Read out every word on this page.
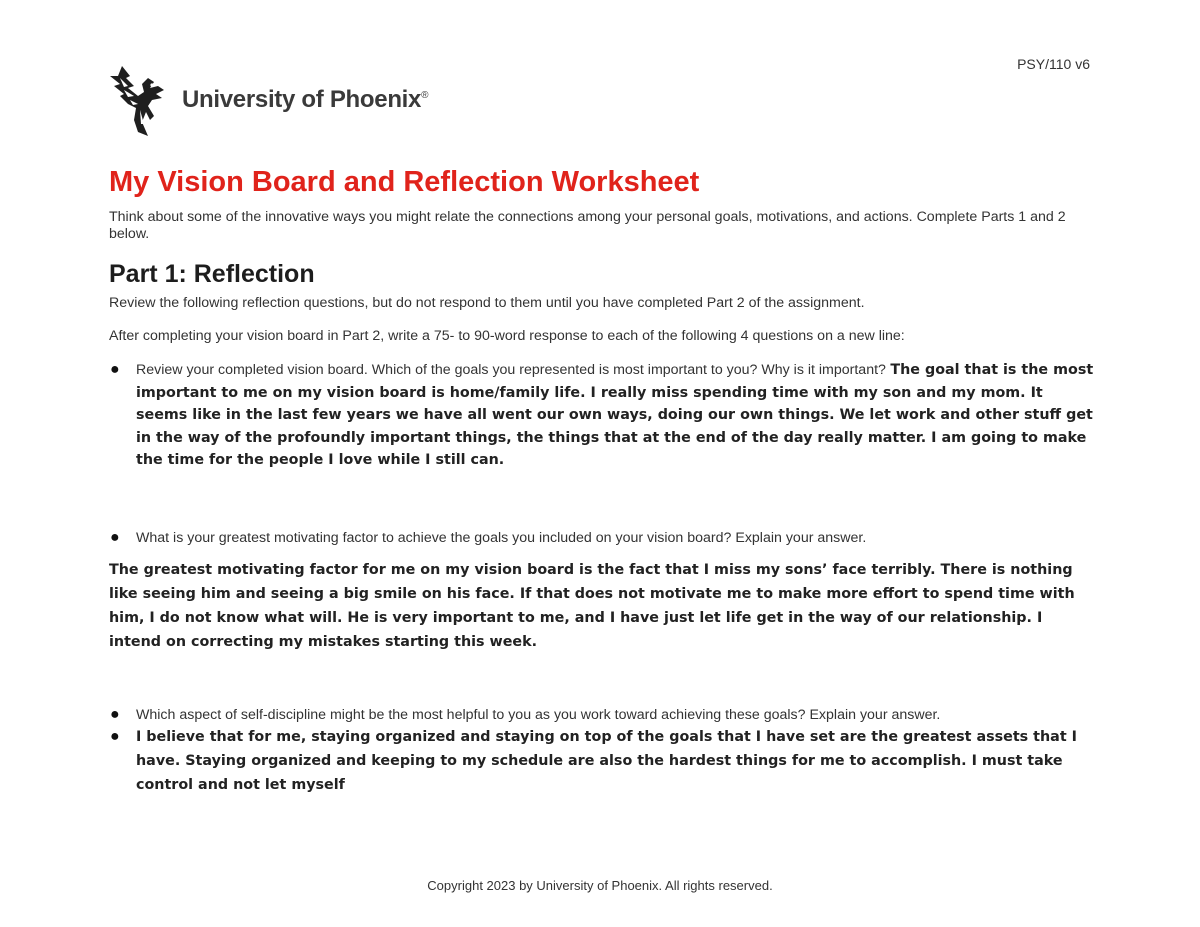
PSY/110 v6
University of Phoenix®
My Vision Board and Reflection Worksheet

Think about some of the innovative ways you might relate the connections among your personal goals, motivations, and actions. Complete Parts 1 and 2 below.

Part 1: Reflection

Review the following reflection questions, but do not respond to them until you have completed Part 2 of the assignment.

After completing your vision board in Part 2, write a 75- to 90-word response to each of the following 4 questions on a new line:

● Review your completed vision board. Which of the goals you represented is most important to you? Why is it important? The goal that is the most important to me on my vision board is home/family life. I really miss spending time with my son and my mom. It seems like in the last few years we have all went our own ways, doing our own things. We let work and other stuff get in the way of the profoundly important things, the things that at the end of the day really matter. I am going to make the time for the people I love while I still can.
● What is your greatest motivating factor to achieve the goals you included on your vision board? Explain your answer.

The greatest motivating factor for me on my vision board is the fact that I miss my sons’ face terribly. There is nothing like seeing him and seeing a big smile on his face. If that does not motivate me to make more effort to spend time with him, I do not know what will. He is very important to me, and I have just let life get in the way of our relationship. I intend on correcting my mistakes starting this week.

● Which aspect of self-discipline might be the most helpful to you as you work toward achieving these goals? Explain your answer.
● I believe that for me, staying organized and staying on top of the goals that I have set are the greatest assets that I have. Staying organized and keeping to my schedule are also the hardest things for me to accomplish. I must take control and not let myself
Copyright 2023 by University of Phoenix. All rights reserved.
